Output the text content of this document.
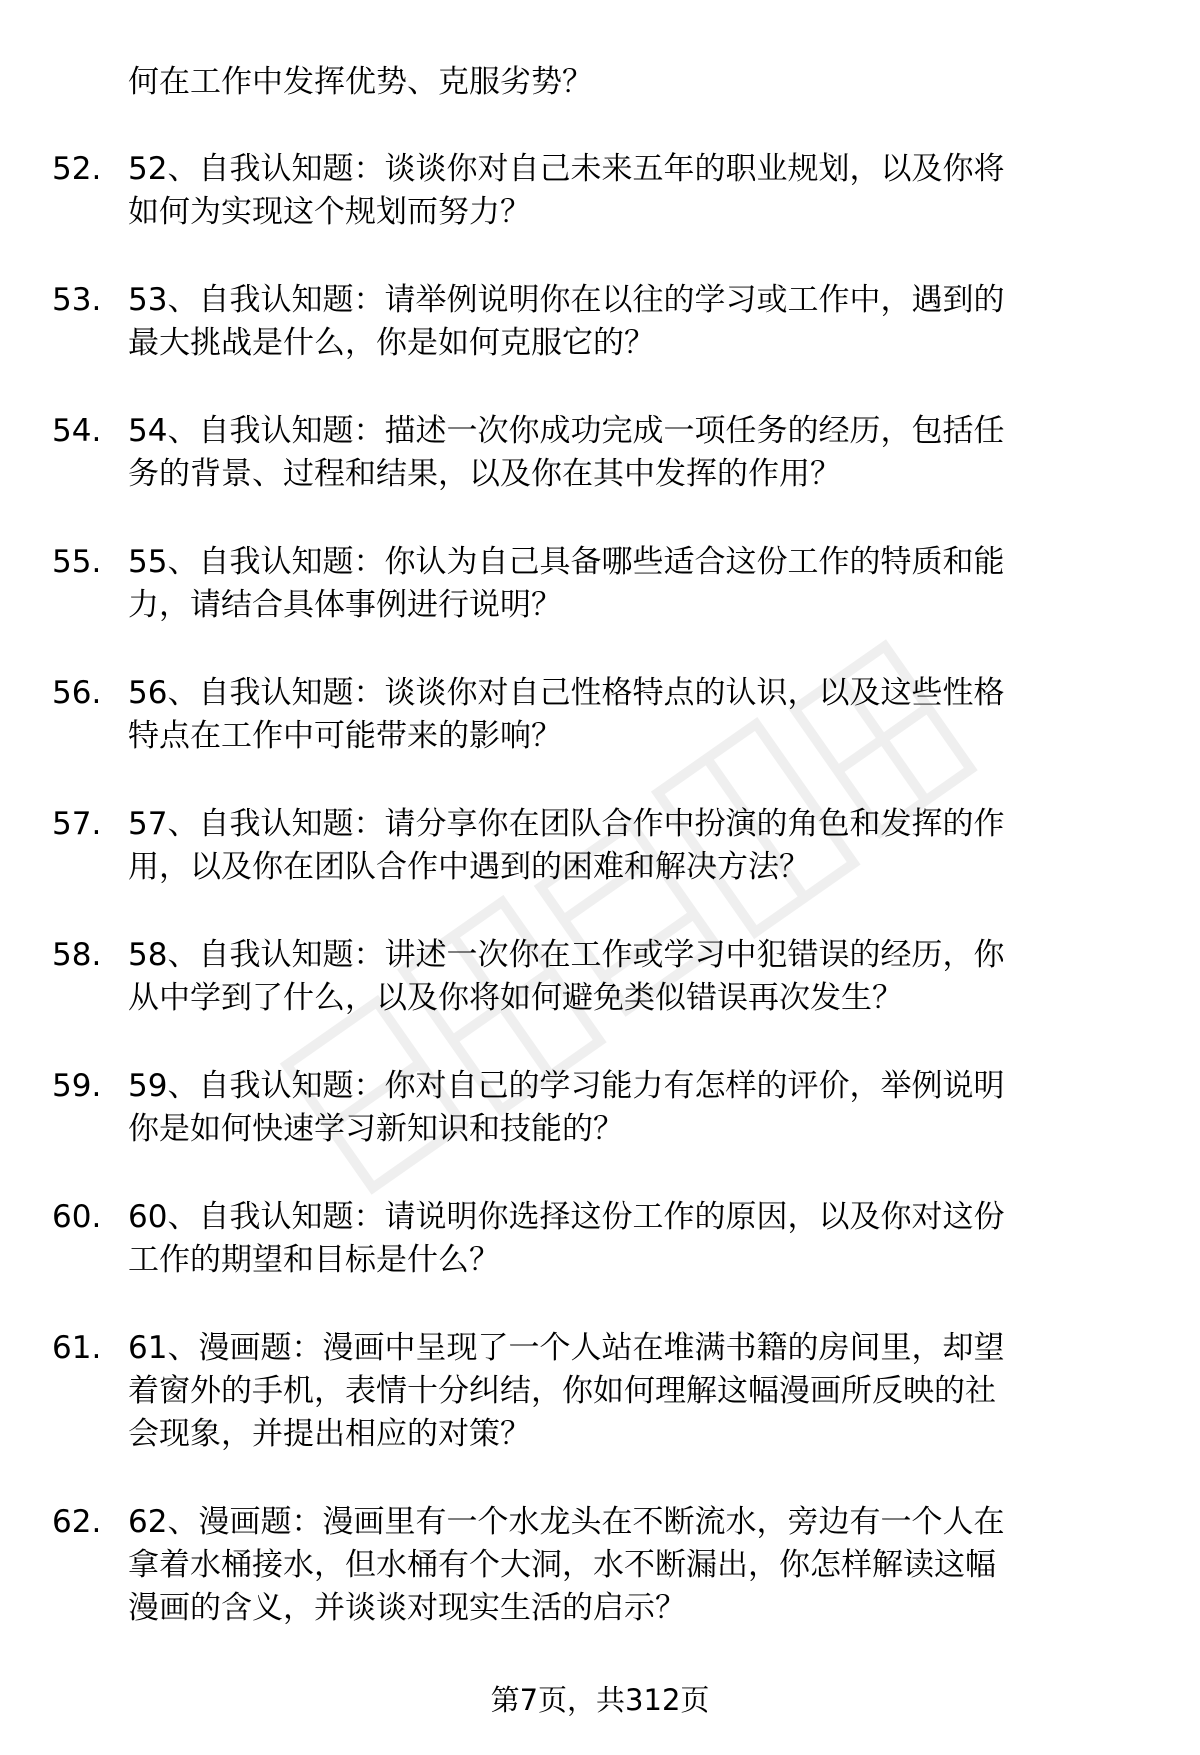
何在工作中发挥优势、克服劣势？
52. 52、自我认知题：谈谈你对自己未来五年的职业规划，以及你将
如何为实现这个规划而努力？
53. 53、自我认知题：请举例说明你在以往的学习或工作中，遇到的
最大挑战是什么，你是如何克服它的？
54. 54、自我认知题：描述一次你成功完成一项任务的经历，包括任
务的背景、过程和结果，以及你在其中发挥的作用？
55. 55、自我认知题：你认为自己具备哪些适合这份工作的特质和能
力，请结合具体事例进行说明？
56. 56、自我认知题：谈谈你对自己性格特点的认识，以及这些性格
特点在工作中可能带来的影响？
57. 57、自我认知题：请分享你在团队合作中扮演的角色和发挥的作
用，以及你在团队合作中遇到的困难和解决方法？
58. 58、自我认知题：讲述一次你在工作或学习中犯错误的经历，你
从中学到了什么，以及你将如何避免类似错误再次发生？
59. 59、自我认知题：你对自己的学习能力有怎样的评价，举例说明
你是如何快速学习新知识和技能的？
60. 60、自我认知题：请说明你选择这份工作的原因，以及你对这份
工作的期望和目标是什么？
61. 61、漫画题：漫画中呈现了一个人站在堆满书籍的房间里，却望
着窗外的手机，表情十分纠结，你如何理解这幅漫画所反映的社
会现象，并提出相应的对策？
62. 62、漫画题：漫画里有一个水龙头在不断流水，旁边有一个人在
拿着水桶接水，但水桶有个大洞，水不断漏出，你怎样解读这幅
漫画的含义，并谈谈对现实生活的启示？
第7页，共312页
